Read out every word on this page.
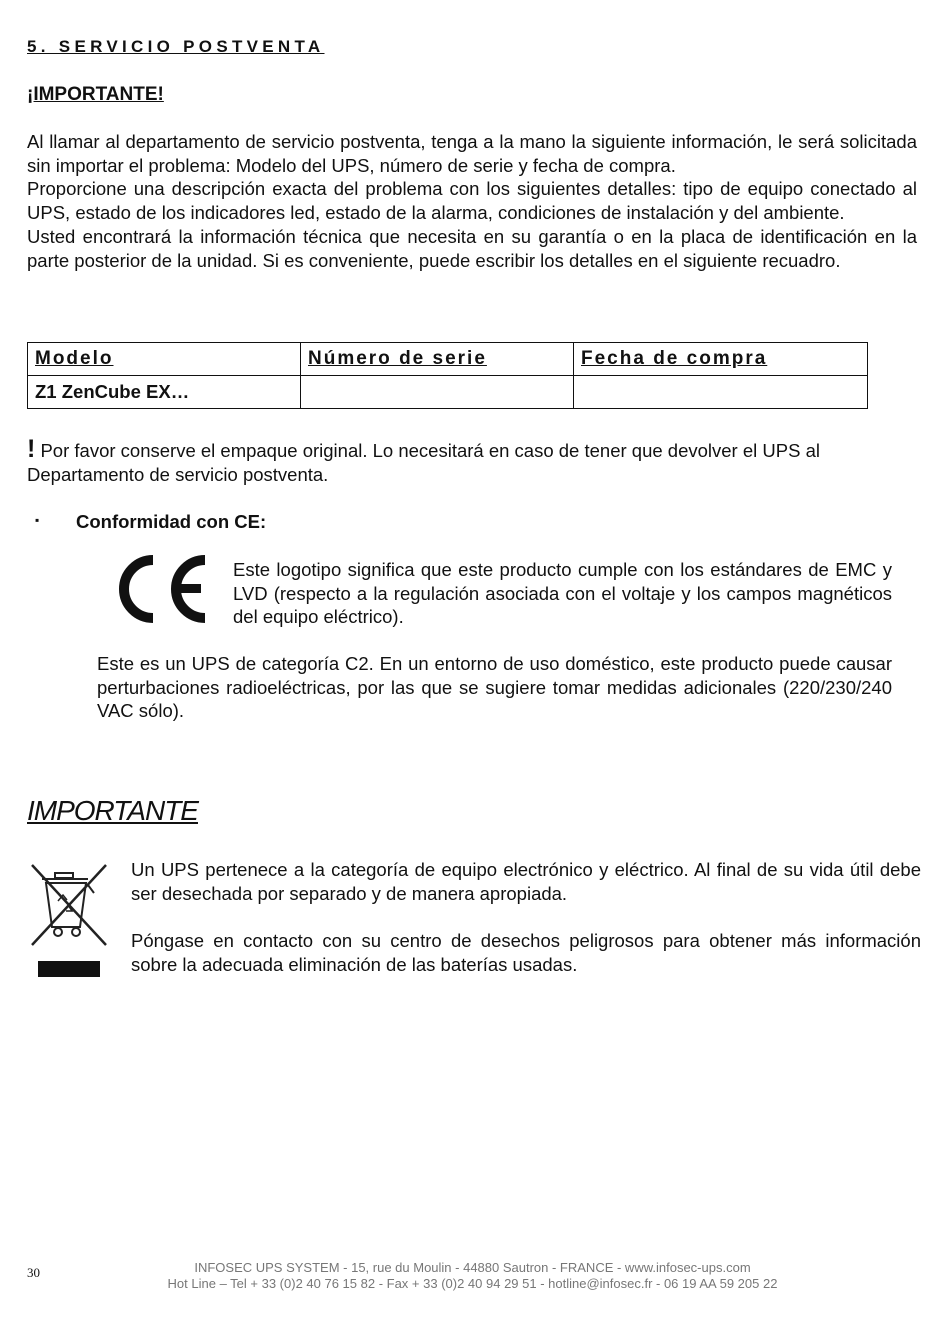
5. SERVICIO POSTVENTA
¡IMPORTANTE!

Al llamar al departamento de servicio postventa, tenga a la mano la siguiente información, le será solicitada sin importar el problema: Modelo del UPS, número de serie y fecha de compra.

Proporcione una descripción exacta del problema con los siguientes detalles: tipo de equipo conectado al UPS, estado de los indicadores led, estado de la alarma, condiciones de instalación y del ambiente.

Usted encontrará la información técnica que necesita en su garantía o en la placa de identificación en la parte posterior de la unidad. Si es conveniente, puede escribir los detalles en el siguiente recuadro.

Modelo	Número de serie	Fecha de compra
Z1 ZenCube EX…		
! Por favor conserve el empaque original. Lo necesitará en caso de tener que devolver el UPS al Departamento de servicio postventa.
▪ Conformidad con CE:
Este logotipo significa que este producto cumple con los estándares de EMC y LVD (respecto a la regulación asociada con el voltaje y los campos magnéticos del equipo eléctrico).
Este es un UPS de categoría C2. En un entorno de uso doméstico, este producto puede causar perturbaciones radioeléctricas, por las que se sugiere tomar medidas adicionales (220/230/240 VAC sólo).
IMPORTANTE

Un UPS pertenece a la categoría de equipo electrónico y eléctrico. Al final de su vida útil debe ser desechada por separado y de manera apropiada.

Póngase en contacto con su centro de desechos peligrosos para obtener más información sobre la adecuada eliminación de las baterías usadas.

30	INFOSEC UPS SYSTEM - 15, rue du Moulin - 44880 Sautron - FRANCE - www.infosec-ups.com
Hot Line – Tel + 33 (0)2 40 76 15 82 - Fax + 33 (0)2 40 94 29 51 - hotline@infosec.fr - 06 19 AA 59 205 22
